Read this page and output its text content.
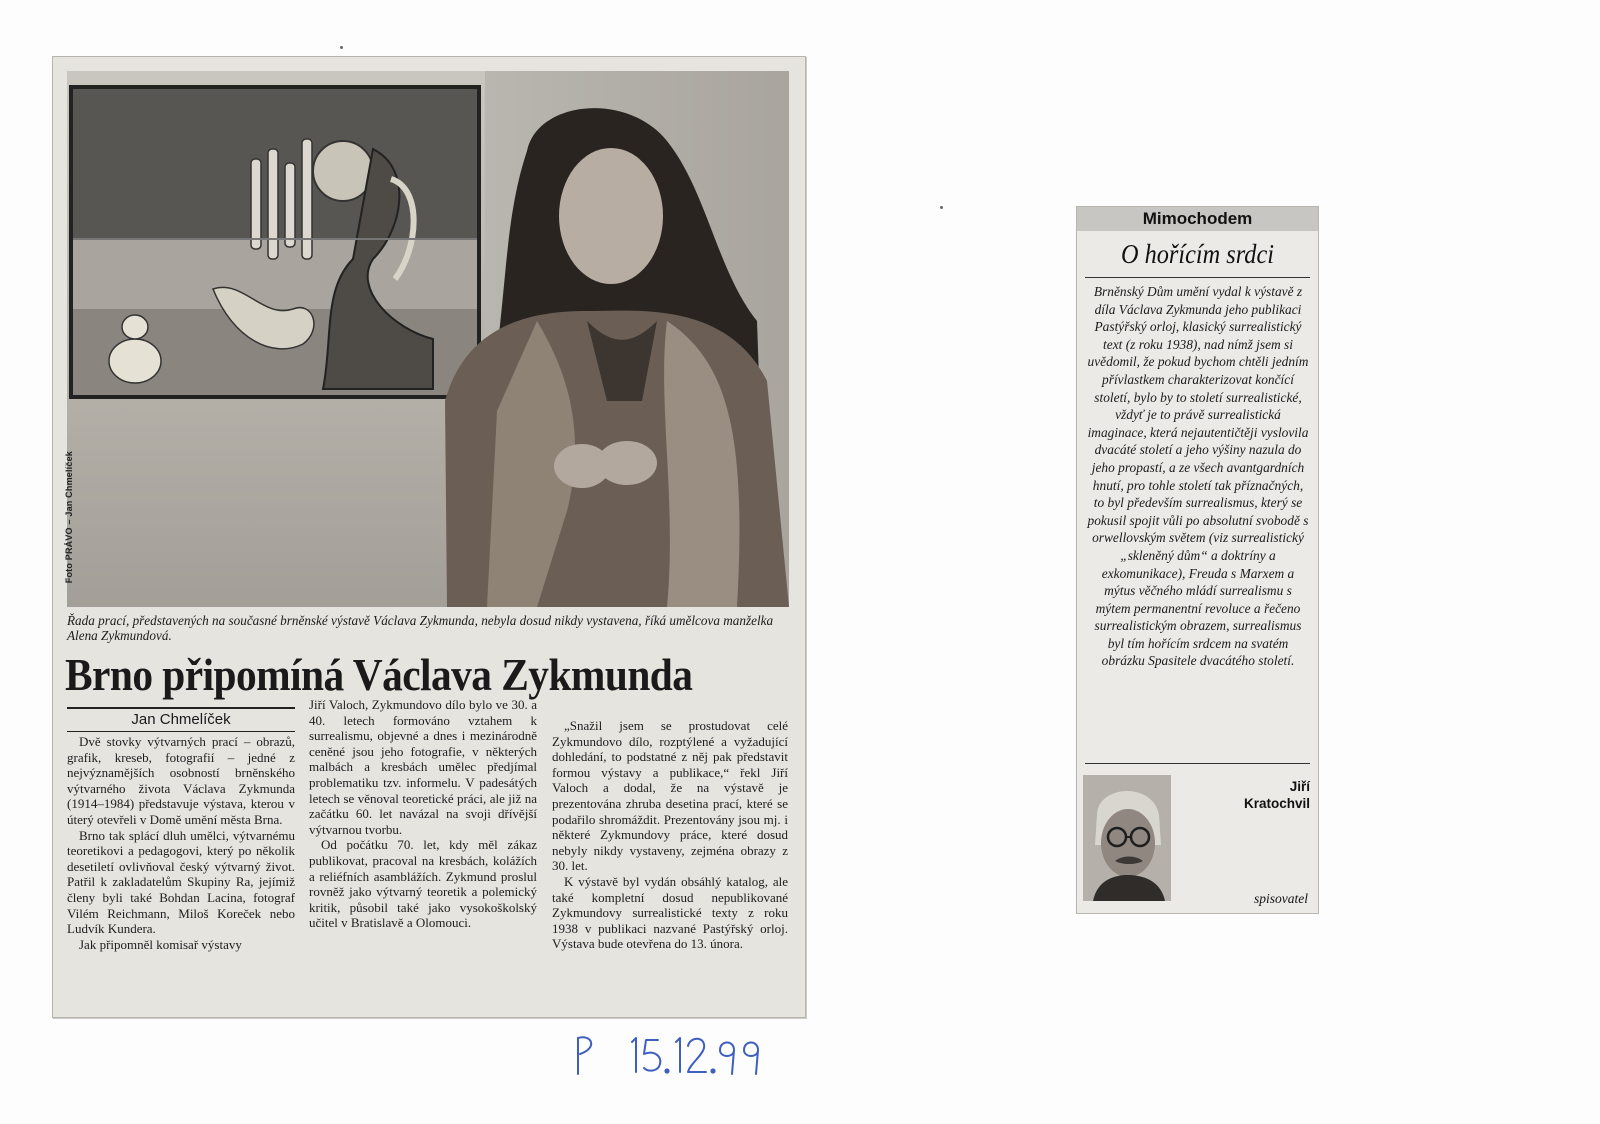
Foto PRÁVO – Jan Chmelíček
Řada prací, představených na současné brněnské výstavě Václava Zykmunda, nebyla dosud nikdy vystavena, říká umělcova manželka Alena Zykmundová.
Brno připomíná Václava Zykmunda
Jan Chmelíček

Dvě stovky výtvarných prací – obrazů, grafik, kreseb, fotografií – jedné z nejvýznamějších osobností brněnského výtvarného života Václava Zykmunda (1914–1984) představuje výstava, kterou v úterý otevřeli v Domě umění města Brna.

Brno tak splácí dluh umělci, výtvarnému teoretikovi a pedagogovi, který po několik desetiletí ovlivňoval český výtvarný život. Patřil k zakladatelům Skupiny Ra, jejímiž členy byli také Bohdan Lacina, fotograf Vilém Reichmann, Miloš Koreček nebo Ludvík Kundera.

Jak připomněl komisař výstavy

Jiří Valoch, Zykmundovo dílo bylo ve 30. a 40. letech formováno vztahem k surrealismu, objevné a dnes i mezinárodně ceněné jsou jeho fotografie, v některých malbách a kresbách umělec předjímal problematiku tzv. informelu. V padesátých letech se věnoval teoretické práci, ale již na začátku 60. let navázal na svoji dřívější výtvarnou tvorbu.

Od počátku 70. let, kdy měl zákaz publikovat, pracoval na kresbách, kolážích a reliéfních asamblážích. Zykmund proslul rovněž jako výtvarný teoretik a polemický kritik, působil také jako vysokoškolský učitel v Bratislavě a Olomouci.

„Snažil jsem se prostudovat celé Zykmundovo dílo, rozptýlené a vyžadující dohledání, to podstatné z něj pak představit formou výstavy a publikace,“ řekl Jiří Valoch a dodal, že na výstavě je prezentována zhruba desetina prací, které se podařilo shromáždit. Prezentovány jsou mj. i některé Zykmundovy práce, které dosud nebyly nikdy vystaveny, zejména obrazy z 30. let.

K výstavě byl vydán obsáhlý katalog, ale také kompletní dosud nepublikované Zykmundovy surrealistické texty z roku 1938 v publikaci nazvané Pastýřský orloj. Výstava bude otevřena do 13. února.

Mimochodem
O hořícím srdci
Brněnský Dům umění vydal k výstavě z díla Václava Zykmunda jeho publikaci Pastýřský orloj, klasický surrealistický text (z roku 1938), nad nímž jsem si uvědomil, že pokud bychom chtěli jedním přívlastkem charakterizovat končící století, bylo by to století surrealistické, vždyť je to právě surrealistická imaginace, která nejautentičtěji vyslovila dvacáté století a jeho výšiny nazula do jeho propastí, a ze všech avantgardních hnutí, pro tohle století tak příznačných, to byl především surrealismus, který se pokusil spojit vůli po absolutní svobodě s orwellovským světem (viz surrealistický „skleněný dům“ a doktríny a exkomunikace), Freuda s Marxem a mýtus věčného mládí surrealismu s mýtem permanentní revoluce a řečeno surrealistickým obrazem, surrealismus byl tím hořícím srdcem na svatém obrázku Spasitele dvacátého století.
Jiří
Kratochvil
spisovatel
